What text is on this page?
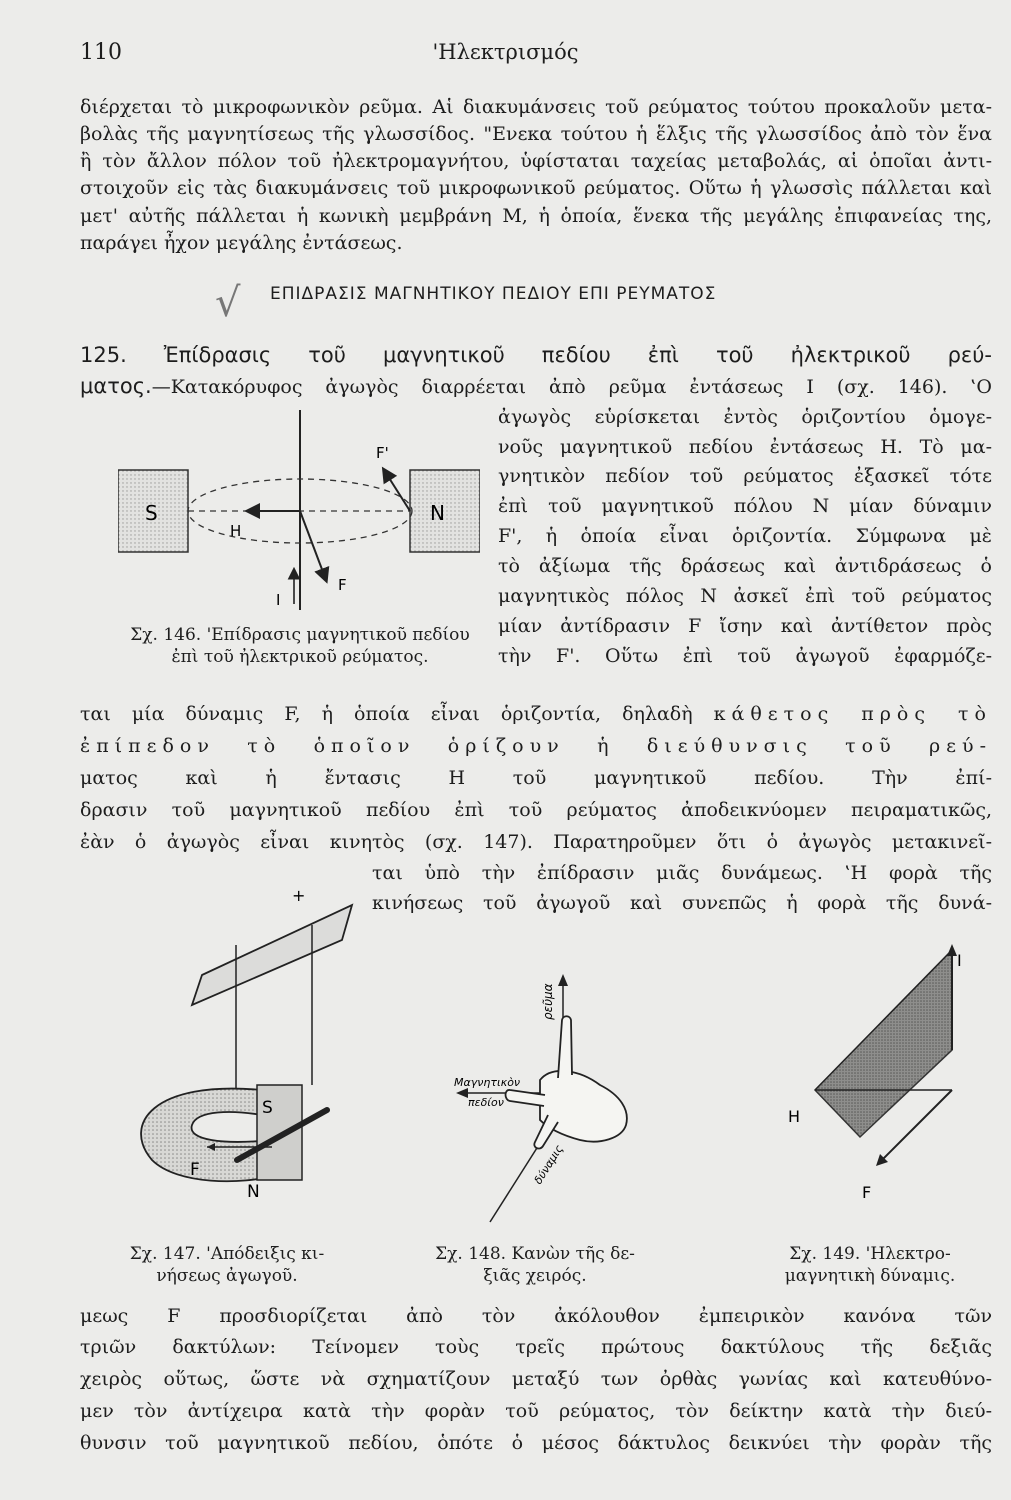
110	'Ηλεκτρισμός
διέρχεται τὸ μικροφωνικὸν ρεῦμα. Αἱ διακυμάνσεις τοῦ ρεύματος τούτου προκαλοῦν μετα-
βολὰς τῆς μαγνητίσεως τῆς γλωσσίδος. "Ενεκα τούτου ἡ ἕλξις τῆς γλωσσίδος ἀπὸ τὸν ἕνα
ἢ τὸν ἄλλον πόλον τοῦ ἠλεκτρομαγνήτου, ὑφίσταται ταχείας μεταβολάς, αἱ ὁποῖαι ἀντι-
στοιχοῦν εἰς τὰς διακυμάνσεις τοῦ μικροφωνικοῦ ρεύματος. Οὕτω ἡ γλωσσὶς πάλλεται καὶ
μετ' αὐτῆς πάλλεται ἡ κωνικὴ μεμβράνη Μ, ἡ ὁποία, ἕνεκα τῆς μεγάλης ἐπιφανείας της,
παράγει ἦχον μεγάλης ἐντάσεως.
√ ΕΠΙΔΡΑΣΙΣ ΜΑΓΝΗΤΙΚΟΥ ΠΕΔΙΟΥ ΕΠΙ ΡΕΥΜΑΤΟΣ
125. Ἐπίδρασις τοῦ μαγνητικοῦ πεδίου ἐπὶ τοῦ ἠλεκτρικοῦ ρεύ-
ματος.—Κατακόρυφος ἀγωγὸς διαρρέεται ἀπὸ ρεῦμα ἐντάσεως I (σχ. 146). ‛Ο
ἀγωγὸς εὑρίσκεται ἐντὸς ὁριζοντίου ὁμογε-
νοῦς μαγνητικοῦ πεδίου ἐντάσεως Η. Τὸ μα-
γνητικὸν πεδίον τοῦ ρεύματος ἐξασκεῖ τότε
ἐπὶ τοῦ μαγνητικοῦ πόλου Ν μίαν δύναμιν
F', ἡ ὁποία εἶναι ὁριζοντία. Σύμφωνα μὲ
τὸ ἀξίωμα τῆς δράσεως καὶ ἀντιδράσεως ὁ
μαγνητικὸς πόλος Ν ἀσκεῖ ἐπὶ τοῦ ρεύματος
μίαν ἀντίδρασιν F ἴσην καὶ ἀντίθετον πρὸς
τὴν F'. Οὕτω ἐπὶ τοῦ ἀγωγοῦ ἐφαρμόζε-
S	N
H
F'
F
I
Σχ. 146. 'Επίδρασις μαγνητικοῦ πεδίου
ἐπὶ τοῦ ἠλεκτρικοῦ ρεύματος.
ται μία δύναμις F, ἡ ὁποία εἶναι ὁριζοντία, δηλαδὴ κάθετος πρὸς τὸ
ἐπίπεδον τὸ ὁποῖον ὁρίζουν ἡ διεύθυνσις τοῦ ρεύ-
ματος καὶ ἡ ἔντασις Η τοῦ μαγνητικοῦ πεδίου. Τὴν ἐπί-
δρασιν τοῦ μαγνητικοῦ πεδίου ἐπὶ τοῦ ρεύματος ἀποδεικνύομεν πειραματικῶς,
ἐὰν ὁ ἀγωγὸς εἶναι κινητὸς (σχ. 147). Παρατηροῦμεν ὅτι ὁ ἀγωγὸς μετακινεῖ-
ται ὑπὸ τὴν ἐπίδρασιν μιᾶς δυνάμεως. ‛Η φορὰ τῆς
κινήσεως τοῦ ἀγωγοῦ καὶ συνεπῶς ἡ φορὰ τῆς δυνά-
+
S
F
N
ρεῦμα
Μαγνητικὸν
πεδίον
δύναμις
I
H
F
Σχ. 147. 'Απόδειξις κι-
νήσεως ἀγωγοῦ.
Σχ. 148. Κανὼν τῆς δε-
ξιᾶς χειρός.
Σχ. 149. 'Ηλεκτρο-
μαγνητικὴ δύναμις.
μεως F προσδιορίζεται ἀπὸ τὸν ἀκόλουθον ἐμπειρικὸν κανόνα τῶν
τριῶν δακτύλων: Τείνομεν τοὺς τρεῖς πρώτους δακτύλους τῆς δεξιᾶς
χειρὸς οὕτως, ὥστε νὰ σχηματίζουν μεταξύ των ὀρθὰς γωνίας καὶ κατευθύνο-
μεν τὸν ἀντίχειρα κατὰ τὴν φορὰν τοῦ ρεύματος, τὸν δείκτην κατὰ τὴν διεύ-
θυνσιν τοῦ μαγνητικοῦ πεδίου, ὁπότε ὁ μέσος δάκτυλος δεικνύει τὴν φορὰν τῆς
